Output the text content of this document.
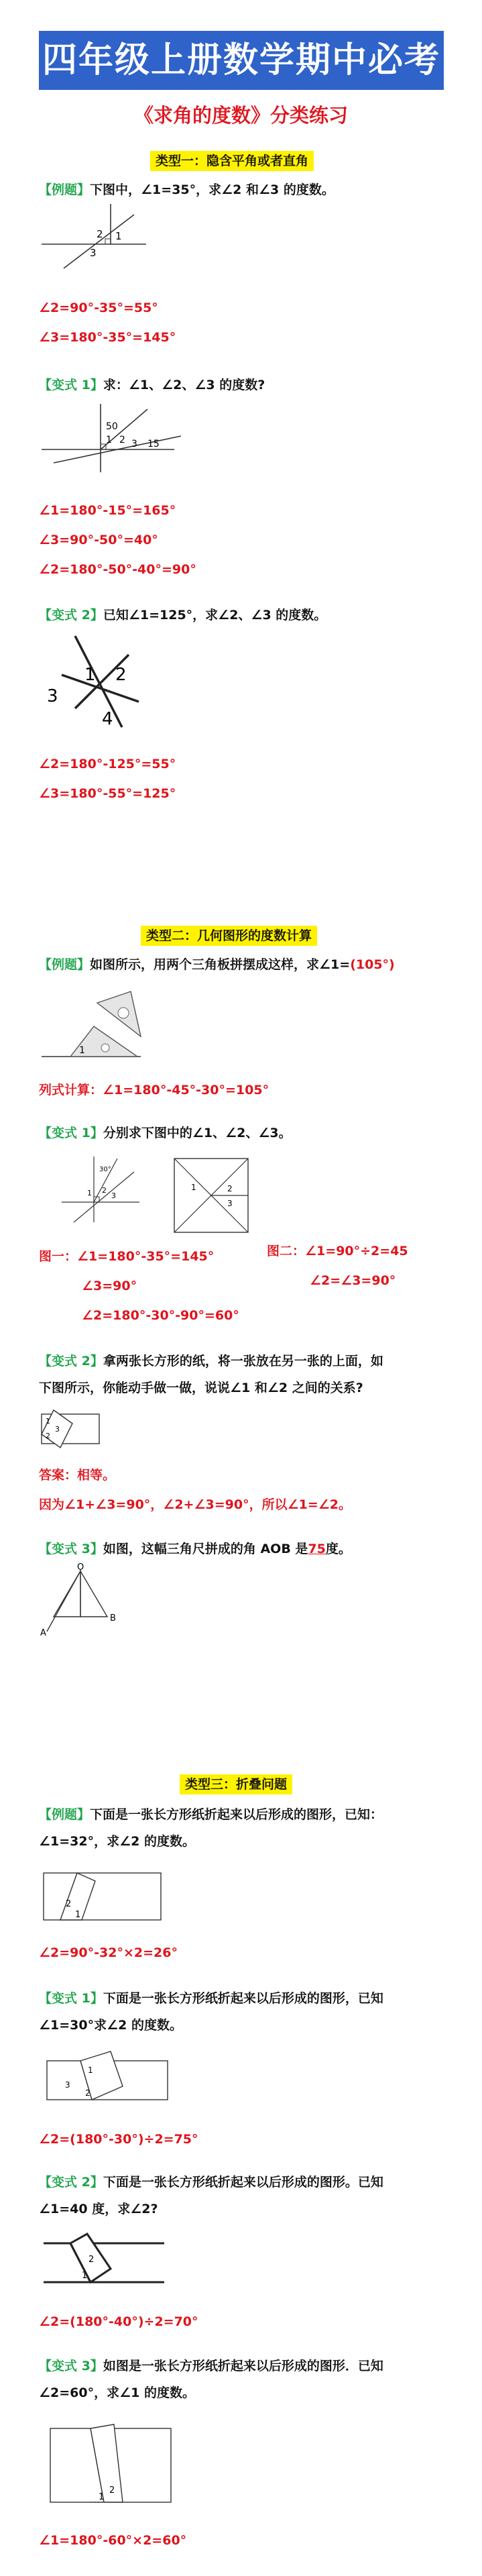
四年级上册数学期中必考
《求角的度数》分类练习
类型一：隐含平角或者直角
【例题】下图中，∠1=35°，求∠2 和∠3 的度数。
2 1
3
∠2=90°-35°=55°
∠3=180°-35°=145°
【变式 1】求：∠1、∠2、∠3 的度数?
50
1 2 3 15
∠1=180°-15°=165°
∠3=90°-50°=40°
∠2=180°-50°-40°=90°
【变式 2】已知∠1=125°，求∠2、∠3 的度数。
1 2
3
4
∠2=180°-125°=55°
∠3=180°-55°=125°
类型二：几何图形的度数计算
【例题】如图所示，用两个三角板拼摆成这样，求∠1=(105°)
1
列式计算：∠1=180°-45°-30°=105°
【变式 1】分别求下图中的∠1、∠2、∠3。
30°
1 2
3
1	2
3
图一：∠1=180°-35°=145°
∠3=90°
∠2=180°-30°-90°=60°
图二：∠1=90°÷2=45
∠2=∠3=90°
【变式 2】拿两张长方形的纸，将一张放在另一张的上面，如
下图所示，你能动手做一做，说说∠1 和∠2 之间的关系?
1
2
3
答案：相等。
因为∠1+∠3=90°，∠2+∠3=90°，所以∠1=∠2。
【变式 3】如图，这幅三角尺拼成的角 AOB 是75度。
O
A
B
类型三：折叠问题
【例题】下面是一张长方形纸折起来以后形成的图形，已知：
∠1=32°，求∠2 的度数。
2
1
∠2=90°-32°×2=26°
【变式 1】下面是一张长方形纸折起来以后形成的图形，已知
∠1=30°求∠2 的度数。
3
1
2
∠2=(180°-30°)÷2=75°
【变式 2】下面是一张长方形纸折起来以后形成的图形。已知
∠1=40 度，求∠2?
2
1
∠2=(180°-40°)÷2=70°
【变式 3】如图是一张长方形纸折起来以后形成的图形．已知
∠2=60°，求∠1 的度数。
2
1
∠1=180°-60°×2=60°
